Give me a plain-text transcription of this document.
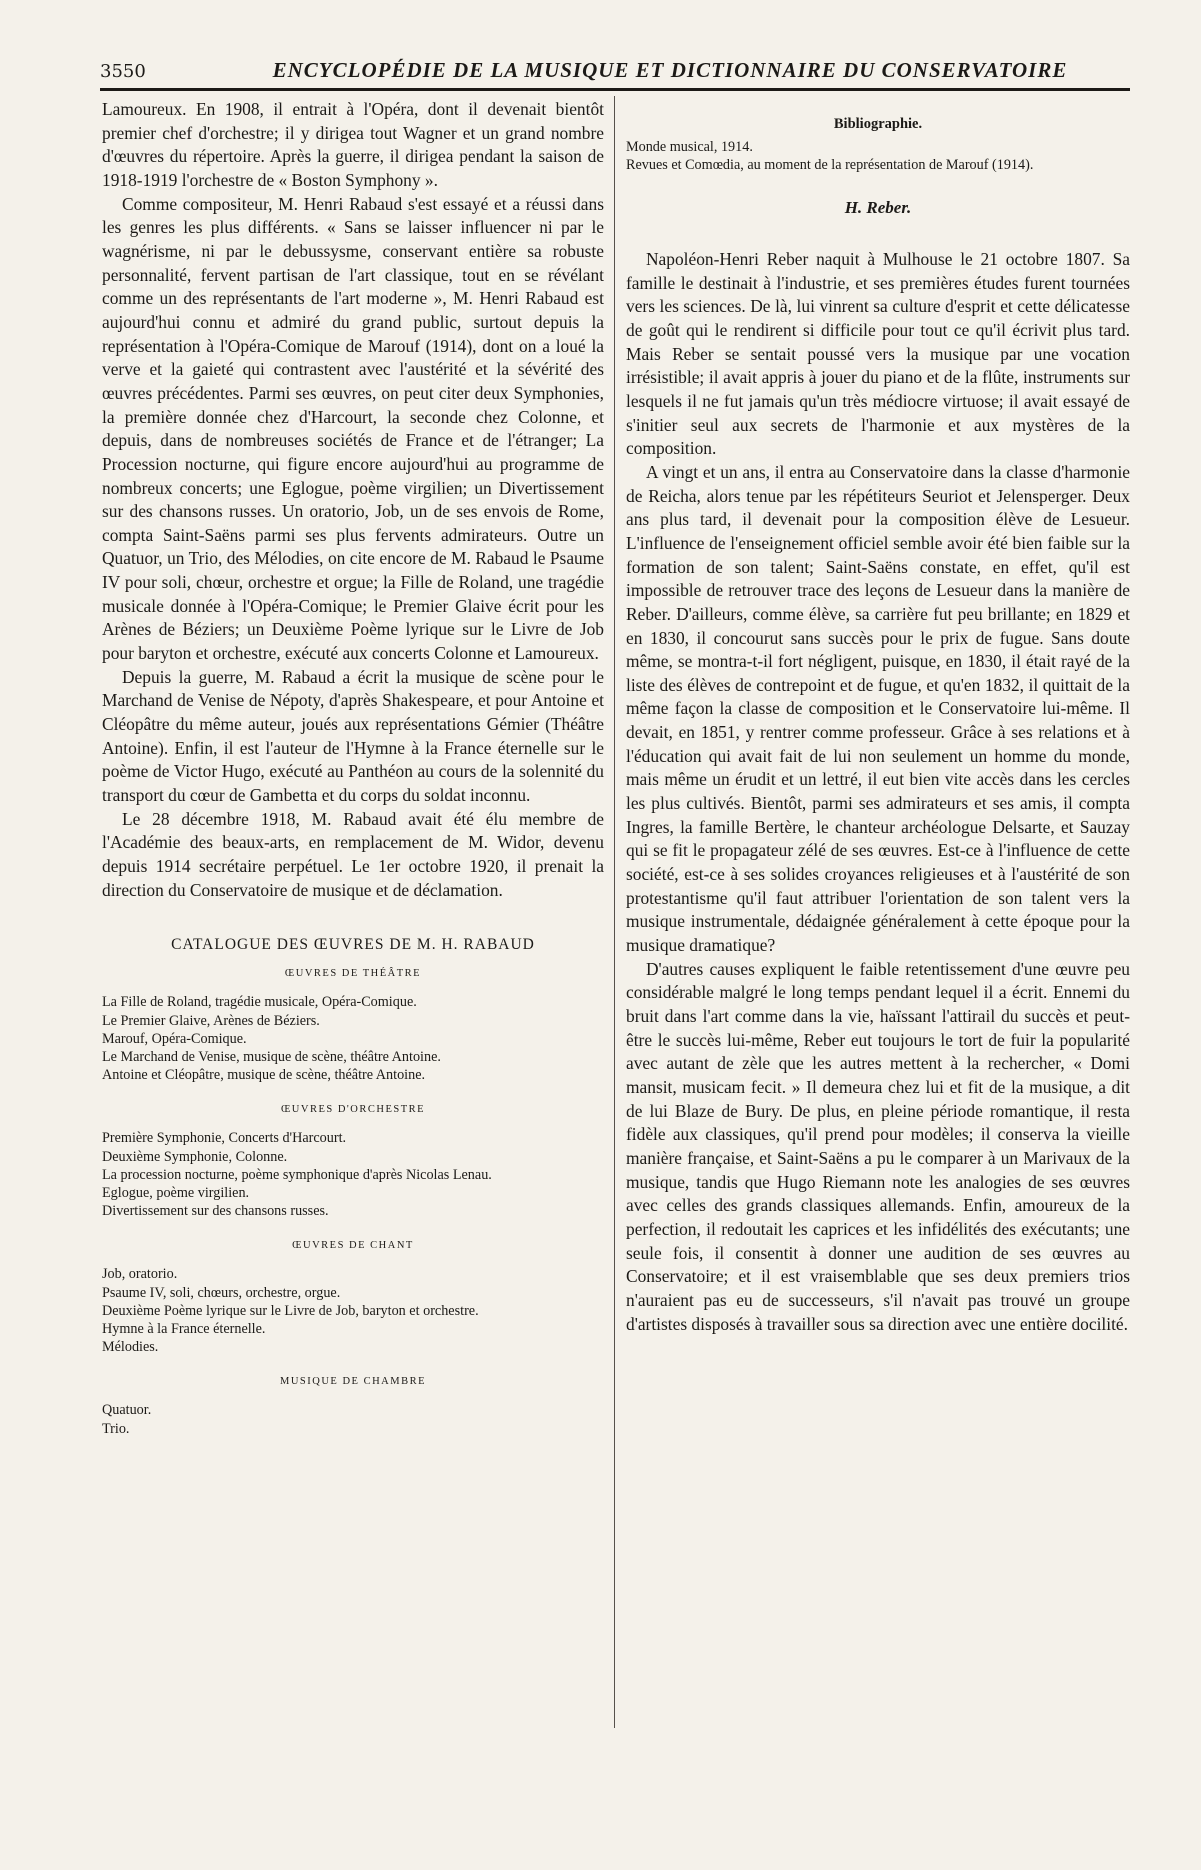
3550	ENCYCLOPÉDIE DE LA MUSIQUE ET DICTIONNAIRE DU CONSERVATOIRE

Lamoureux. En 1908, il entrait à l'Opéra, dont il devenait bientôt premier chef d'orchestre; il y dirigea tout Wagner et un grand nombre d'œuvres du répertoire. Après la guerre, il dirigea pendant la saison de 1918-1919 l'orchestre de « Boston Symphony ».

Comme compositeur, M. Henri Rabaud s'est essayé et a réussi dans les genres les plus différents. « Sans se laisser influencer ni par le wagnérisme, ni par le debussysme, conservant entière sa robuste personnalité, fervent partisan de l'art classique, tout en se révélant comme un des représentants de l'art moderne », M. Henri Rabaud est aujourd'hui connu et admiré du grand public, surtout depuis la représentation à l'Opéra-Comique de Marouf (1914), dont on a loué la verve et la gaieté qui contrastent avec l'austérité et la sévérité des œuvres précédentes. Parmi ses œuvres, on peut citer deux Symphonies, la première donnée chez d'Harcourt, la seconde chez Colonne, et depuis, dans de nombreuses sociétés de France et de l'étranger; La Procession nocturne, qui figure encore aujourd'hui au programme de nombreux concerts; une Eglogue, poème virgilien; un Divertissement sur des chansons russes. Un oratorio, Job, un de ses envois de Rome, compta Saint-Saëns parmi ses plus fervents admirateurs. Outre un Quatuor, un Trio, des Mélodies, on cite encore de M. Rabaud le Psaume IV pour soli, chœur, orchestre et orgue; la Fille de Roland, une tragédie musicale donnée à l'Opéra-Comique; le Premier Glaive écrit pour les Arènes de Béziers; un Deuxième Poème lyrique sur le Livre de Job pour baryton et orchestre, exécuté aux concerts Colonne et Lamoureux.

Depuis la guerre, M. Rabaud a écrit la musique de scène pour le Marchand de Venise de Népoty, d'après Shakespeare, et pour Antoine et Cléopâtre du même auteur, joués aux représentations Gémier (Théâtre Antoine). Enfin, il est l'auteur de l'Hymne à la France éternelle sur le poème de Victor Hugo, exécuté au Panthéon au cours de la solennité du transport du cœur de Gambetta et du corps du soldat inconnu.

Le 28 décembre 1918, M. Rabaud avait été élu membre de l'Académie des beaux-arts, en remplacement de M. Widor, devenu depuis 1914 secrétaire perpétuel. Le 1er octobre 1920, il prenait la direction du Conservatoire de musique et de déclamation.

CATALOGUE DES ŒUVRES DE M. H. RABAUD
ŒUVRES DE THÉÂTRE
La Fille de Roland, tragédie musicale, Opéra-Comique.
Le Premier Glaive, Arènes de Béziers.
Marouf, Opéra-Comique.
Le Marchand de Venise, musique de scène, théâtre Antoine.
Antoine et Cléopâtre, musique de scène, théâtre Antoine.
ŒUVRES D'ORCHESTRE
Première Symphonie, Concerts d'Harcourt.
Deuxième Symphonie, Colonne.
La procession nocturne, poème symphonique d'après Nicolas Lenau.
Eglogue, poème virgilien.
Divertissement sur des chansons russes.
ŒUVRES DE CHANT
Job, oratorio.
Psaume IV, soli, chœurs, orchestre, orgue.
Deuxième Poème lyrique sur le Livre de Job, baryton et orchestre.
Hymne à la France éternelle.
Mélodies.
MUSIQUE DE CHAMBRE
Quatuor.
Trio.
Bibliographie.
Monde musical, 1914.
Revues et Comœdia, au moment de la représentation de Marouf (1914).
H. Reber.

Napoléon-Henri Reber naquit à Mulhouse le 21 octobre 1807. Sa famille le destinait à l'industrie, et ses premières études furent tournées vers les sciences. De là, lui vinrent sa culture d'esprit et cette délicatesse de goût qui le rendirent si difficile pour tout ce qu'il écrivit plus tard. Mais Reber se sentait poussé vers la musique par une vocation irrésistible; il avait appris à jouer du piano et de la flûte, instruments sur lesquels il ne fut jamais qu'un très médiocre virtuose; il avait essayé de s'initier seul aux secrets de l'harmonie et aux mystères de la composition.

A vingt et un ans, il entra au Conservatoire dans la classe d'harmonie de Reicha, alors tenue par les répétiteurs Seuriot et Jelensperger. Deux ans plus tard, il devenait pour la composition élève de Lesueur. L'influence de l'enseignement officiel semble avoir été bien faible sur la formation de son talent; Saint-Saëns constate, en effet, qu'il est impossible de retrouver trace des leçons de Lesueur dans la manière de Reber. D'ailleurs, comme élève, sa carrière fut peu brillante; en 1829 et en 1830, il concourut sans succès pour le prix de fugue. Sans doute même, se montra-t-il fort négligent, puisque, en 1830, il était rayé de la liste des élèves de contrepoint et de fugue, et qu'en 1832, il quittait de la même façon la classe de composition et le Conservatoire lui-même. Il devait, en 1851, y rentrer comme professeur. Grâce à ses relations et à l'éducation qui avait fait de lui non seulement un homme du monde, mais même un érudit et un lettré, il eut bien vite accès dans les cercles les plus cultivés. Bientôt, parmi ses admirateurs et ses amis, il compta Ingres, la famille Bertère, le chanteur archéologue Delsarte, et Sauzay qui se fit le propagateur zélé de ses œuvres. Est-ce à l'influence de cette société, est-ce à ses solides croyances religieuses et à l'austérité de son protestantisme qu'il faut attribuer l'orientation de son talent vers la musique instrumentale, dédaignée généralement à cette époque pour la musique dramatique?

D'autres causes expliquent le faible retentissement d'une œuvre peu considérable malgré le long temps pendant lequel il a écrit. Ennemi du bruit dans l'art comme dans la vie, haïssant l'attirail du succès et peut-être le succès lui-même, Reber eut toujours le tort de fuir la popularité avec autant de zèle que les autres mettent à la rechercher, « Domi mansit, musicam fecit. » Il demeura chez lui et fit de la musique, a dit de lui Blaze de Bury. De plus, en pleine période romantique, il resta fidèle aux classiques, qu'il prend pour modèles; il conserva la vieille manière française, et Saint-Saëns a pu le comparer à un Marivaux de la musique, tandis que Hugo Riemann note les analogies de ses œuvres avec celles des grands classiques allemands. Enfin, amoureux de la perfection, il redoutait les caprices et les infidélités des exécutants; une seule fois, il consentit à donner une audition de ses œuvres au Conservatoire; et il est vraisemblable que ses deux premiers trios n'auraient pas eu de successeurs, s'il n'avait pas trouvé un groupe d'artistes disposés à travailler sous sa direction avec une entière docilité.
